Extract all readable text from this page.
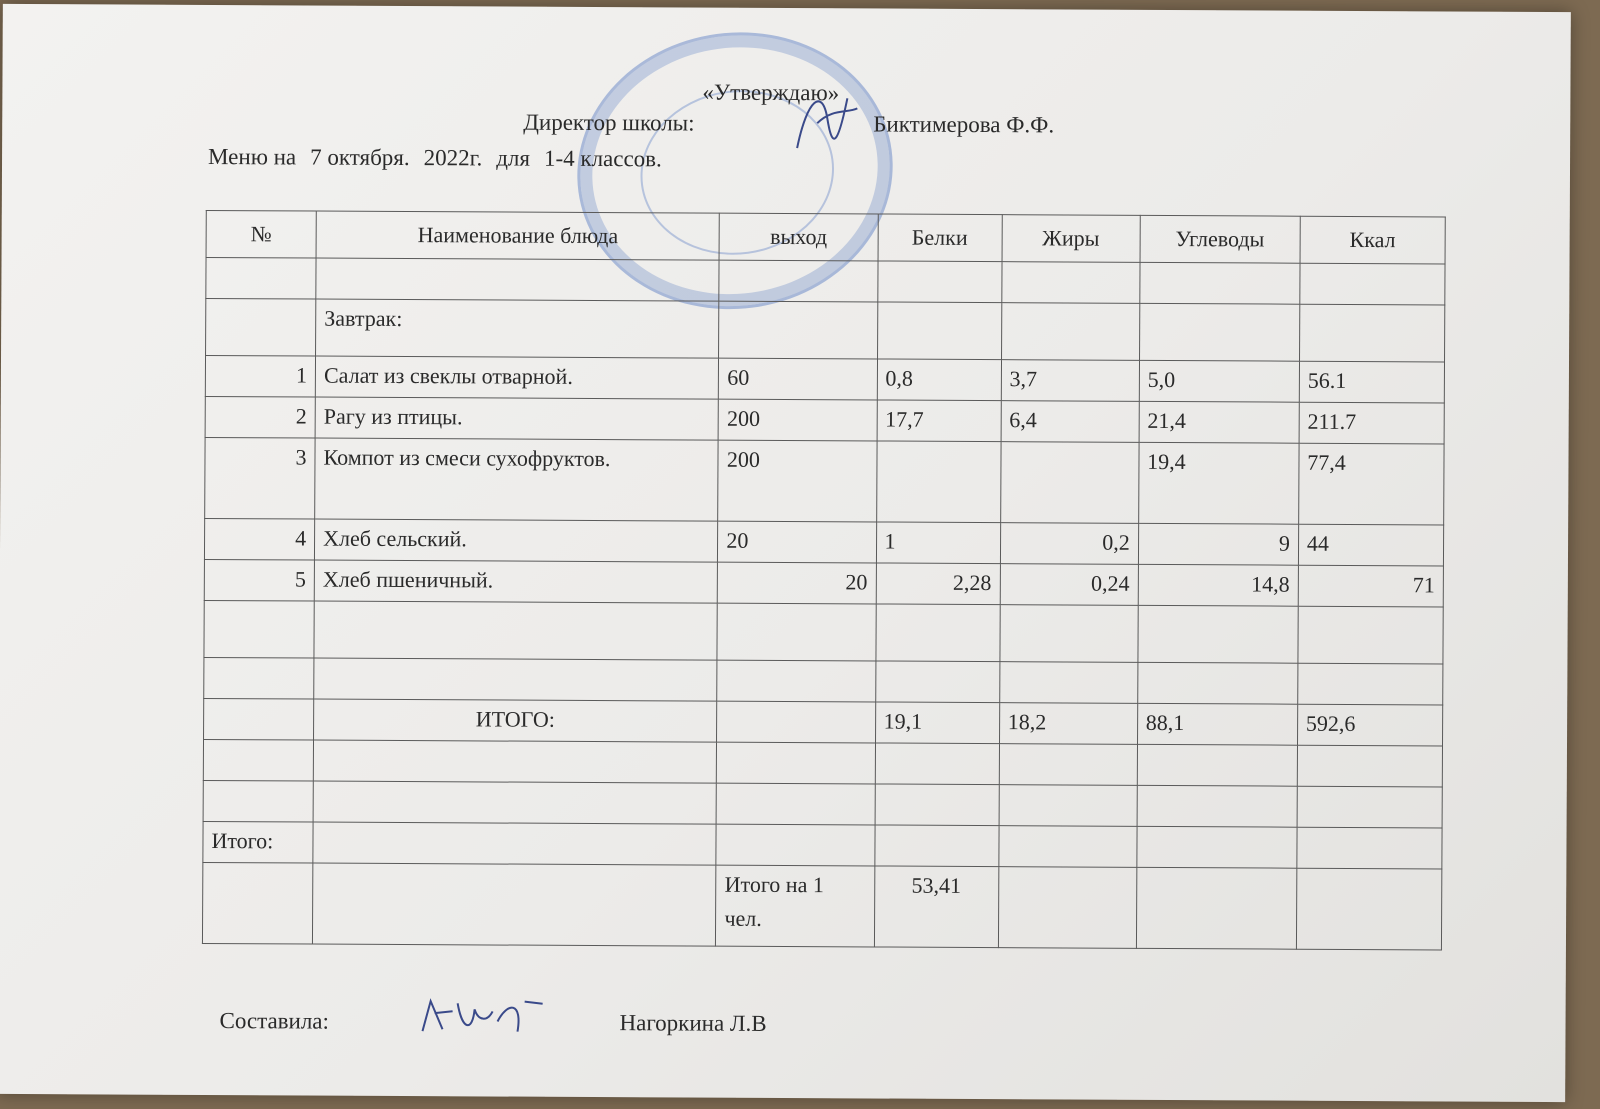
«Утверждаю»
Директор школы:	Биктимерова Ф.Ф.
Меню на 7 октября. 2022г. для 1-4 классов.
№	Наименование блюда	выход	Белки	Жиры	Углеводы	Ккал

	Завтрак:					
1	Салат из свеклы отварной.	60	0,8	3,7	5,0	56.1
2	Рагу из птицы.	200	17,7	6,4	21,4	211.7
3	Компот из смеси сухофруктов.	200			19,4	77,4
4	Хлеб сельский.	20	1	0,2	9	44
5	Хлеб пшеничный.	20	2,28	0,24	14,8	71

	ИТОГО:		19,1	18,2	88,1	592,6

Итого:						
		Итого на 1 чел.	53,41			
Составила:	Нагоркина Л.В
